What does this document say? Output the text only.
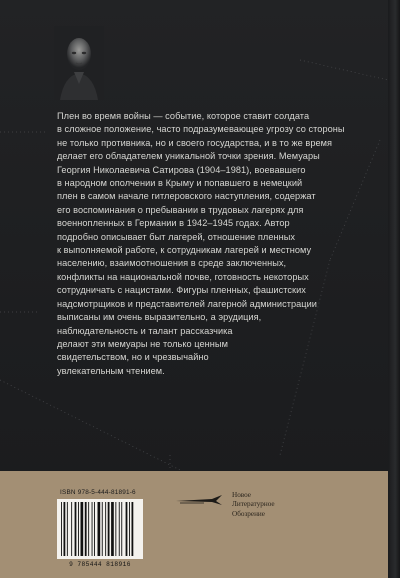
Плен во время войны — событие, которое ставит солдата
в сложное положение, часто подразумевающее угрозу со стороны
не только противника, но и своего государства, и в то же время
делает его обладателем уникальной точки зрения. Мемуары
Георгия Николаевича Сатирова (1904–1981), воевавшего
в народном ополчении в Крыму и попавшего в немецкий
плен в самом начале гитлеровского наступления, содержат
его воспоминания о пребывании в трудовых лагерях для
военнопленных в Германии в 1942–1945 годах. Автор
подробно описывает быт лагерей, отношение пленных
к выполняемой работе, к сотрудникам лагерей и местному
населению, взаимоотношения в среде заключенных,
конфликты на национальной почве, готовность некоторых
сотрудничать с нацистами. Фигуры пленных, фашистских
надсмотрщиков и представителей лагерной администрации
выписаны им очень выразительно, а эрудиция,
наблюдательность и талант рассказчика
делают эти мемуары не только ценным
свидетельством, но и чрезвычайно
увлекательным чтением.
ISBN 978-5-444-81891-6
9 785444 818916
Новое
Литературное
Обозрение
